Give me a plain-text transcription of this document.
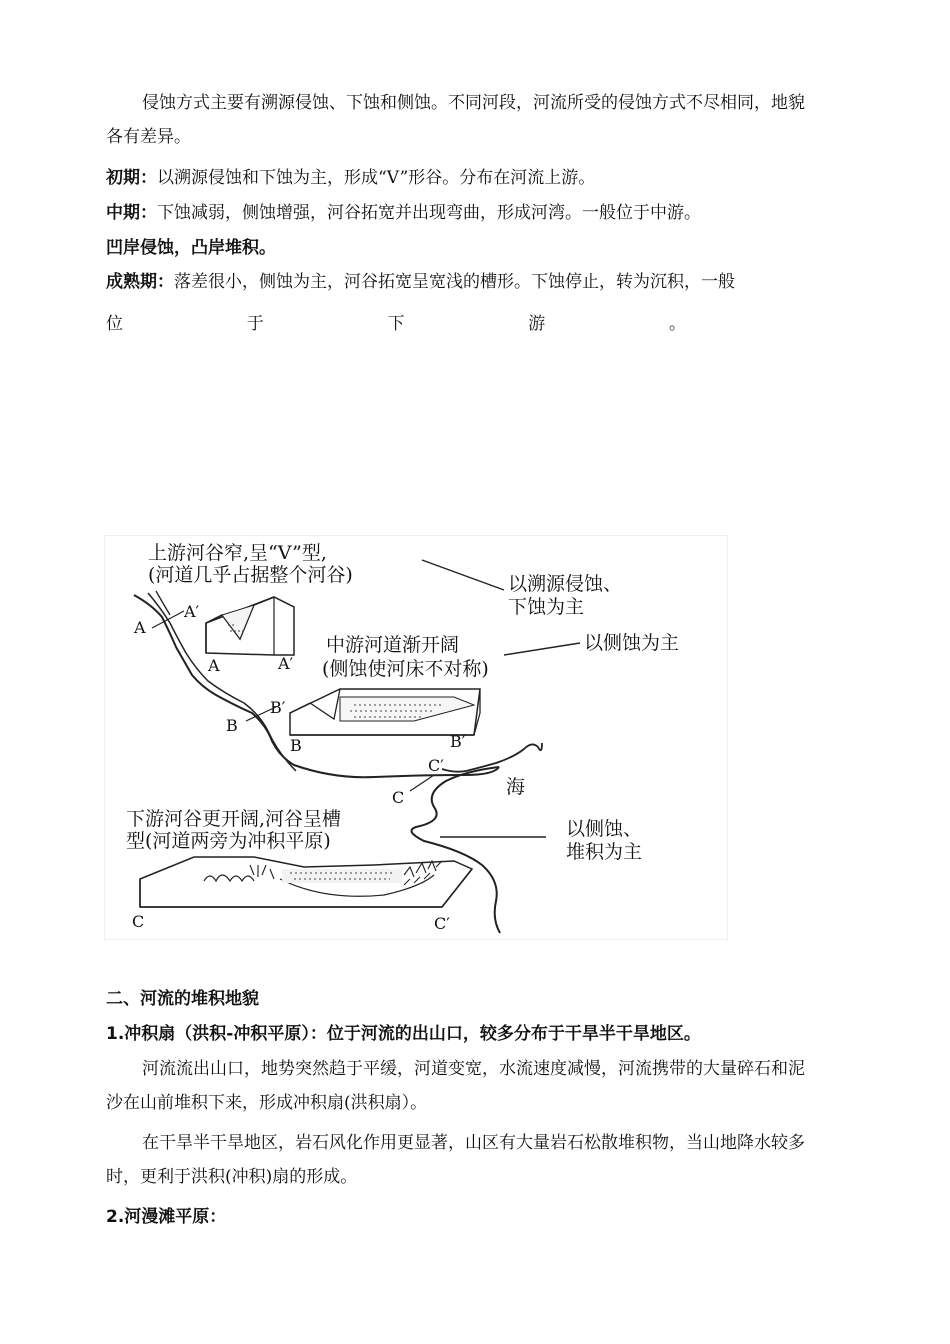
侵蚀方式主要有溯源侵蚀、下蚀和侧蚀。不同河段，河流所受的侵蚀方式不尽相同，地貌各有差异。

初期：以溯源侵蚀和下蚀为主，形成“V”形谷。分布在河流上游。

中期：下蚀减弱，侧蚀增强，河谷拓宽并出现弯曲，形成河湾。一般位于中游。

凹岸侵蚀，凸岸堆积。

成熟期：落差很小，侧蚀为主，河谷拓宽呈宽浅的槽形。下蚀停止，转为沉积，一般

位	于	下	游	。
上游河谷窄,呈“V”型,
(河道几乎占据整个河谷)	以溯源侵蚀、
下蚀为主
A
A′
A	A′
中游河道渐开阔
(侧蚀使河床不对称)
以侧蚀为主
B
B′
B	B′
海
C′
C
下游河谷更开阔,河谷呈槽
型(河道两旁为冲积平原)
以侧蚀、
堆积为主
C	C′

二、河流的堆积地貌

1.冲积扇（洪积-冲积平原）：位于河流的出山口，较多分布于干旱半干旱地区。

河流流出山口，地势突然趋于平缓，河道变宽，水流速度减慢，河流携带的大量碎石和泥沙在山前堆积下来，形成冲积扇(洪积扇）。

在干旱半干旱地区，岩石风化作用更显著，山区有大量岩石松散堆积物，当山地降水较多时，更利于洪积(冲积)扇的形成。

2.河漫滩平原：
